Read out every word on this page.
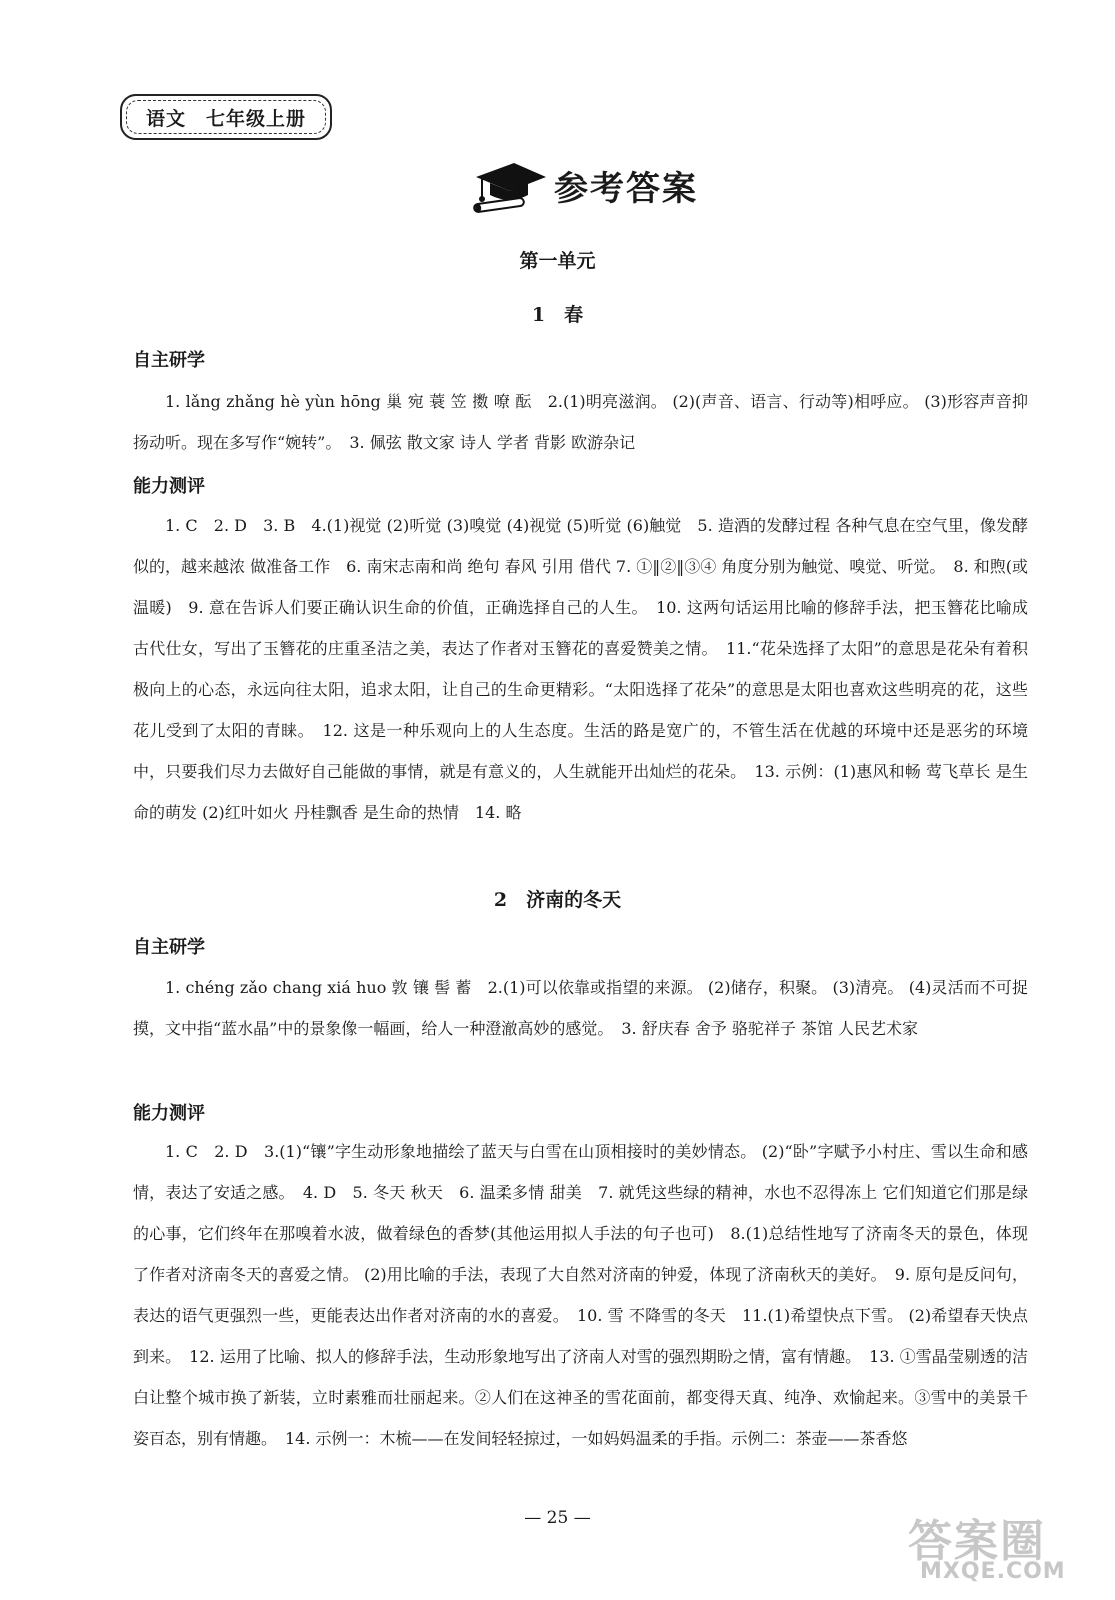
语文　七年级上册
参考答案
第一单元
1　春
自主研学
1. lǎng zhǎng hè yùn hōng 巢 宛 蓑 笠 擞 嘹 酝　2.(1)明亮滋润。 (2)(声音、语言、行动等)相呼应。 (3)形容声音抑扬动听。现在多写作“婉转”。　3. 佩弦 散文家 诗人 学者 背影 欧游杂记
能力测评
1. C　2. D　3. B　4.(1)视觉 (2)听觉 (3)嗅觉 (4)视觉 (5)听觉 (6)触觉　5. 造酒的发酵过程 各种气息在空气里，像发酵似的，越来越浓 做准备工作　6. 南宋志南和尚 绝句 春风 引用 借代 7. ①‖②‖③④ 角度分别为触觉、嗅觉、听觉。　8. 和煦(或温暖)　9. 意在告诉人们要正确认识生命的价值，正确选择自己的人生。　10. 这两句话运用比喻的修辞手法，把玉簪花比喻成古代仕女，写出了玉簪花的庄重圣洁之美，表达了作者对玉簪花的喜爱赞美之情。　11.“花朵选择了太阳”的意思是花朵有着积极向上的心态，永远向往太阳，追求太阳，让自己的生命更精彩。“太阳选择了花朵”的意思是太阳也喜欢这些明亮的花，这些花儿受到了太阳的青睐。　12. 这是一种乐观向上的人生态度。生活的路是宽广的，不管生活在优越的环境中还是恶劣的环境中，只要我们尽力去做好自己能做的事情，就是有意义的，人生就能开出灿烂的花朵。　13. 示例：(1)惠风和畅 莺飞草长 是生命的萌发 (2)红叶如火 丹桂飘香 是生命的热情　14. 略
2　济南的冬天
自主研学
1. chéng zǎo chang xiá huo 敦 镶 髻 蓄　2.(1)可以依靠或指望的来源。 (2)储存，积聚。 (3)清亮。 (4)灵活而不可捉摸，文中指“蓝水晶”中的景象像一幅画，给人一种澄澈高妙的感觉。　3. 舒庆春 舍予 骆驼祥子 茶馆 人民艺术家
能力测评
1. C　2. D　3.(1)“镶”字生动形象地描绘了蓝天与白雪在山顶相接时的美妙情态。 (2)“卧”字赋予小村庄、雪以生命和感情，表达了安适之感。　4. D　5. 冬天 秋天　6. 温柔多情 甜美　7. 就凭这些绿的精神，水也不忍得冻上 它们知道它们那是绿的心事，它们终年在那嗅着水波，做着绿色的香梦(其他运用拟人手法的句子也可)　8.(1)总结性地写了济南冬天的景色，体现了作者对济南冬天的喜爱之情。 (2)用比喻的手法，表现了大自然对济南的钟爱，体现了济南秋天的美好。　9. 原句是反问句，表达的语气更强烈一些，更能表达出作者对济南的水的喜爱。　10. 雪 不降雪的冬天　11.(1)希望快点下雪。 (2)希望春天快点到来。　12. 运用了比喻、拟人的修辞手法，生动形象地写出了济南人对雪的强烈期盼之情，富有情趣。　13. ①雪晶莹剔透的洁白让整个城市换了新装，立时素雅而壮丽起来。②人们在这神圣的雪花面前，都变得天真、纯净、欢愉起来。③雪中的美景千姿百态，别有情趣。　14. 示例一：木梳——在发间轻轻掠过，一如妈妈温柔的手指。示例二：茶壶——茶香悠
— 25 —	答案圈
MXQE.COM
